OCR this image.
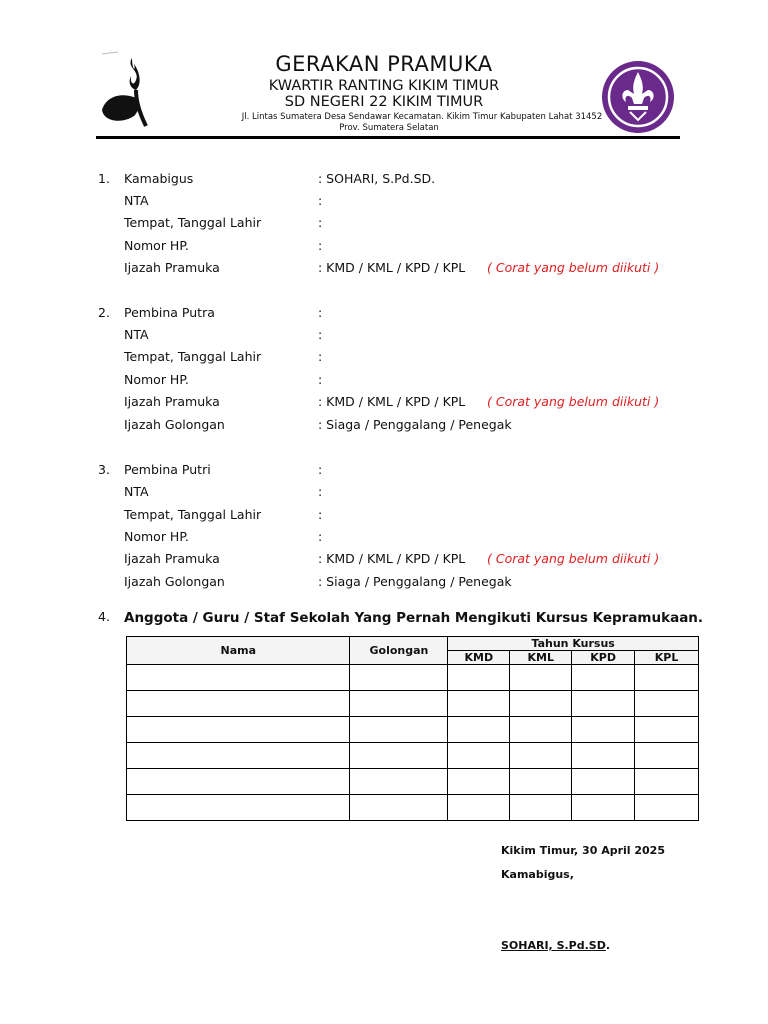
GERAKAN PRAMUKA
KWARTIR RANTING KIKIM TIMUR
SD NEGERI 22 KIKIM TIMUR
Jl. Lintas Sumatera Desa Sendawar Kecamatan. Kikim Timur Kabupaten Lahat 31452
Prov. Sumatera Selatan
1. Kamabigus	: SOHARI, S.Pd.SD.
NTA	:
Tempat, Tanggal Lahir	:
Nomor HP.	:
Ijazah Pramuka	: KMD / KML / KPD / KPL ( Corat yang belum diikuti )
2. Pembina Putra	:
NTA	:
Tempat, Tanggal Lahir	:
Nomor HP.	:
Ijazah Pramuka	: KMD / KML / KPD / KPL ( Corat yang belum diikuti )
Ijazah Golongan	: Siaga / Penggalang / Penegak
3. Pembina Putri	:
NTA	:
Tempat, Tanggal Lahir	:
Nomor HP.	:
Ijazah Pramuka	: KMD / KML / KPD / KPL ( Corat yang belum diikuti )
Ijazah Golongan	: Siaga / Penggalang / Penegak
4. Anggota / Guru / Staf Sekolah Yang Pernah Mengikuti Kursus Kepramukaan.
Nama	Golongan	Tahun Kursus			
		KMD	KML	KPD	KPL

Kikim Timur, 30 April 2025
Kamabigus,
SOHARI, S.Pd.SD.
